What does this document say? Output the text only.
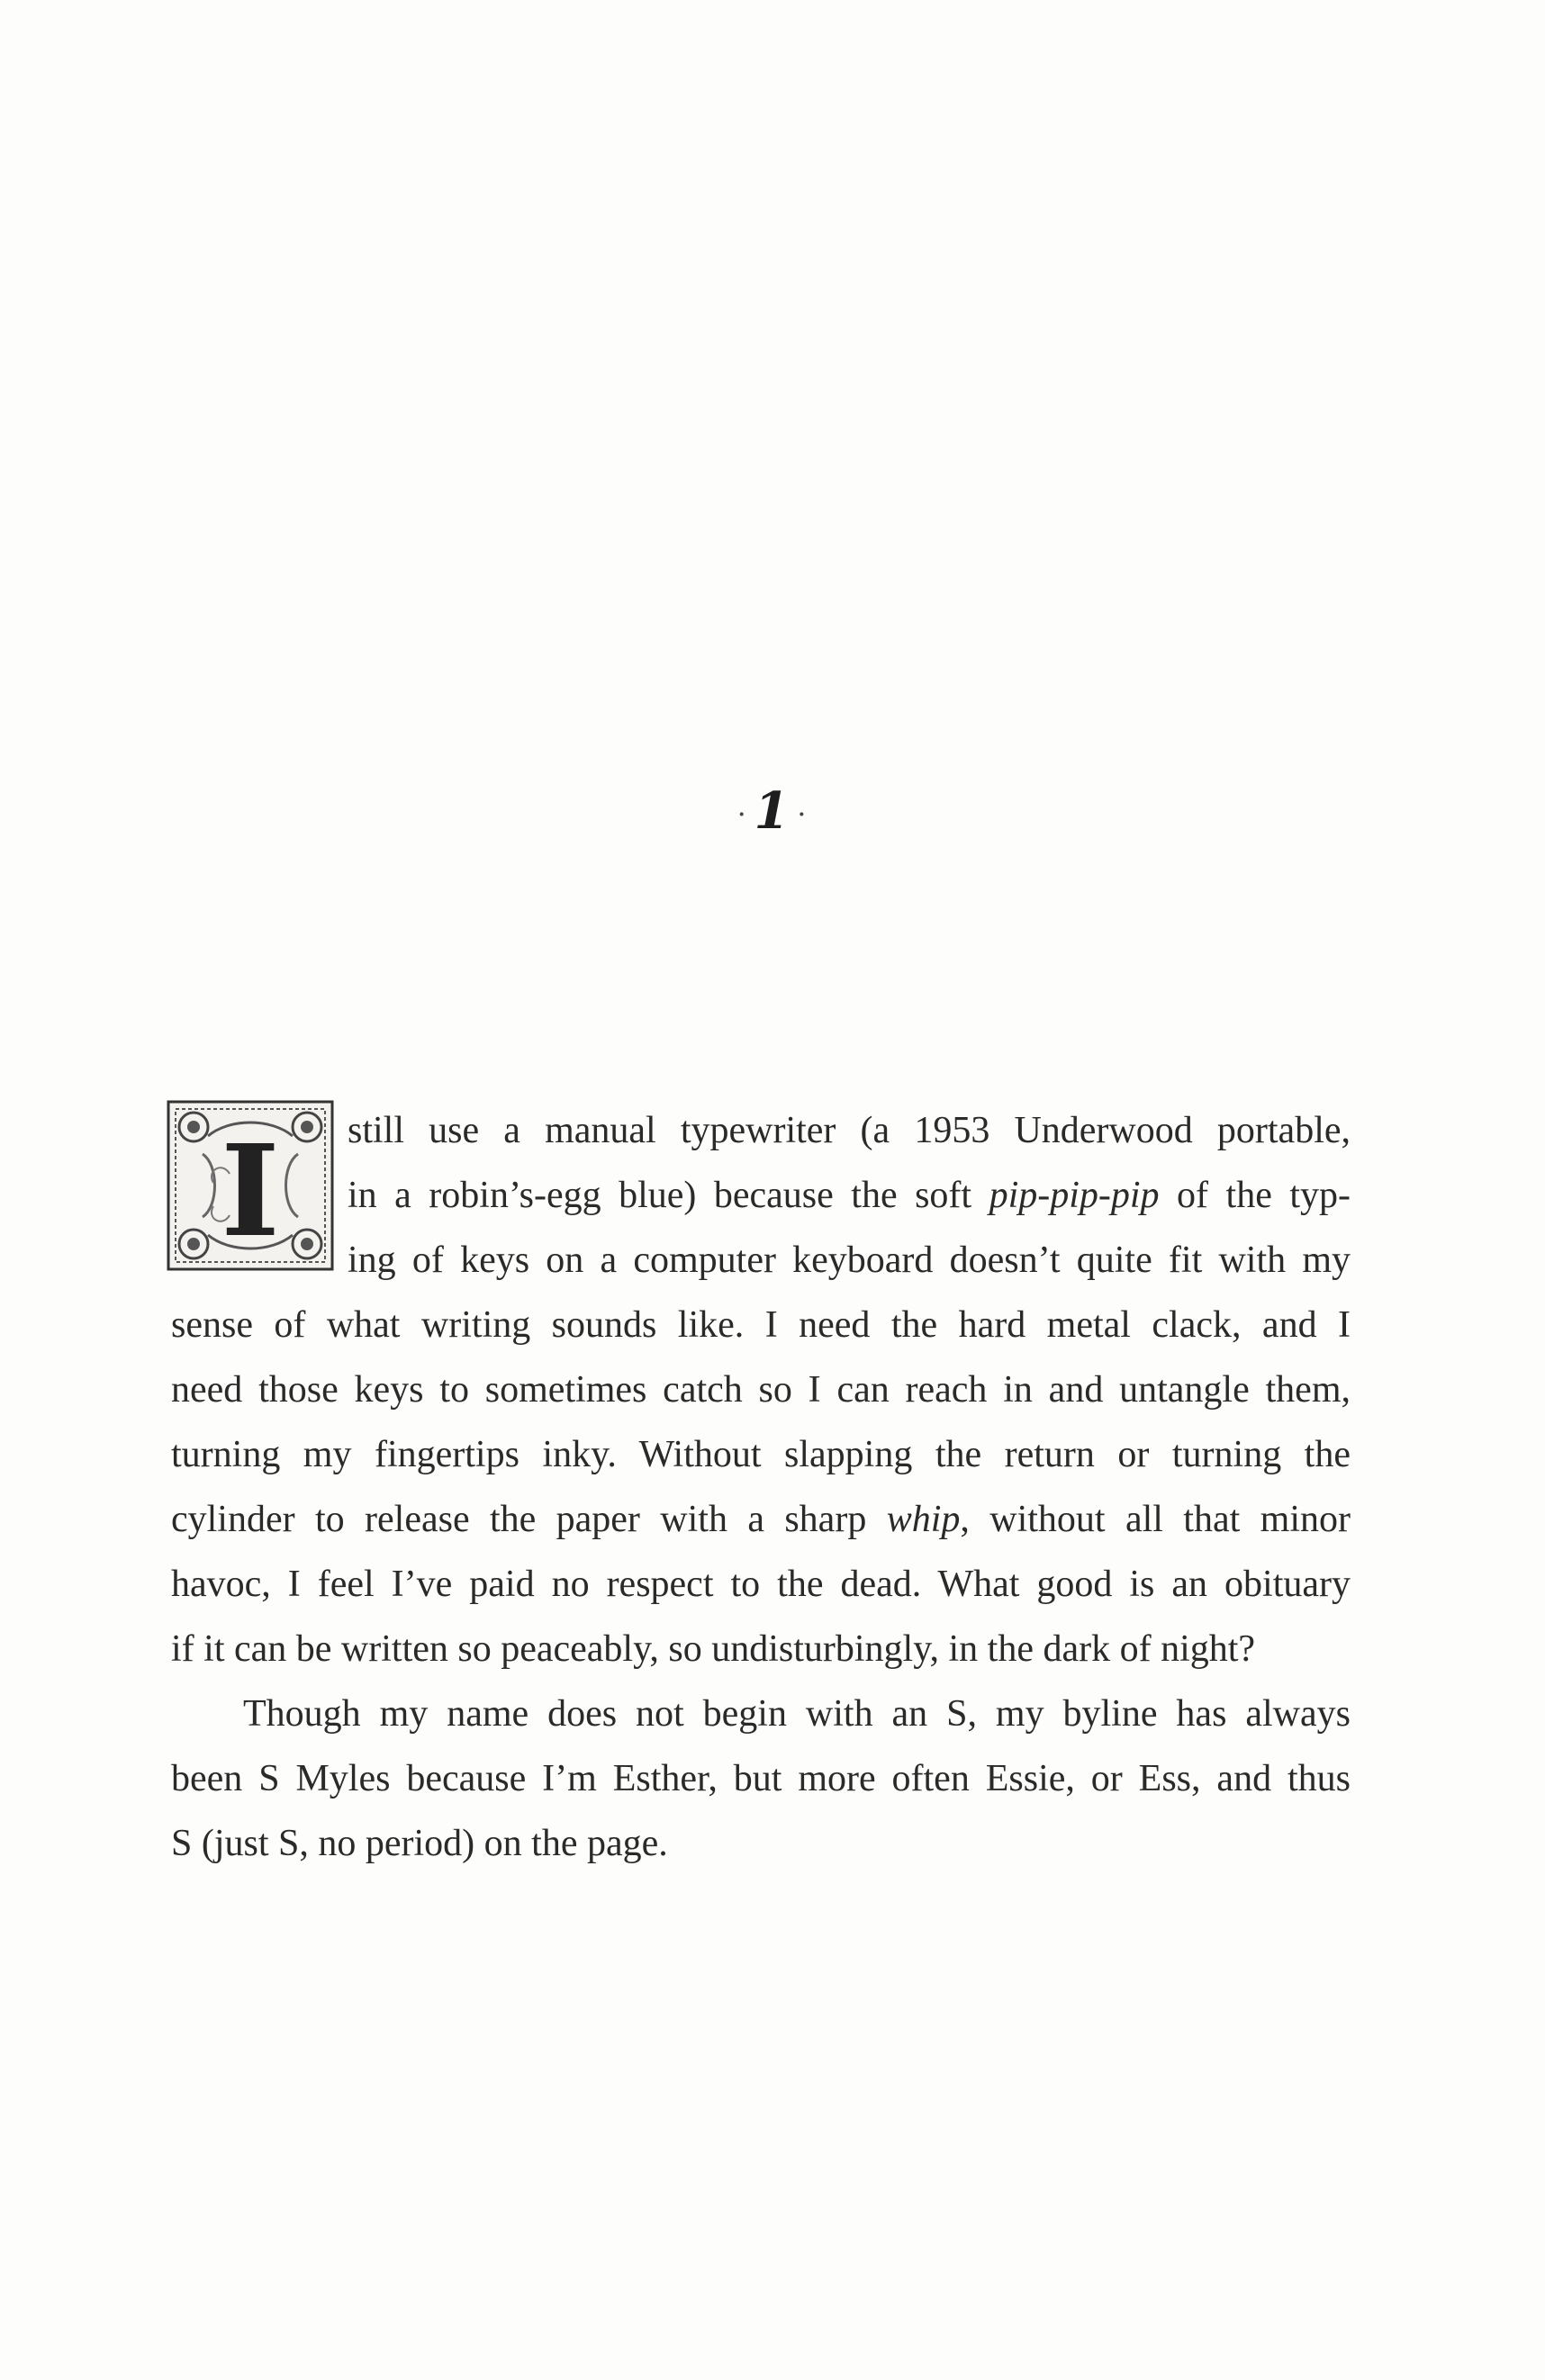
· 1 ·
I	still use a manual typewriter (a 1953 Underwood portable,
in a robin’s-egg blue) because the soft pip-pip-pip of the typ-
ing of keys on a computer keyboard doesn’t quite fit with my
sense of what writing sounds like. I need the hard metal clack, and I
need those keys to sometimes catch so I can reach in and untangle them,
turning my fingertips inky. Without slapping the return or turning the
cylinder to release the paper with a sharp whip, without all that minor
havoc, I feel I’ve paid no respect to the dead. What good is an obituary
if it can be written so peaceably, so undisturbingly, in the dark of night?
Though my name does not begin with an S, my byline has always
been S Myles because I’m Esther, but more often Essie, or Ess, and thus
S (just S, no period) on the page.
